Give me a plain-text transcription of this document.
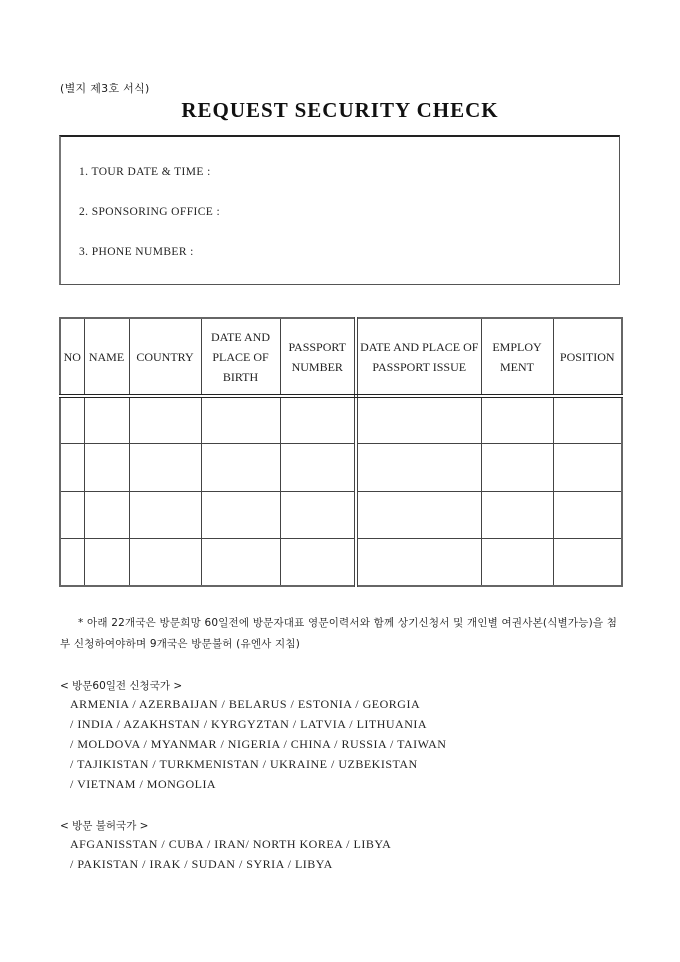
(별지 제3호 서식)
REQUEST SECURITY CHECK
1. TOUR DATE & TIME :
2. SPONSORING OFFICE :
3. PHONE NUMBER :
NO	NAME	COUNTRY	DATE AND PLACE OF BIRTH	PASSPORT NUMBER	DATE AND PLACE OF PASSPORT ISSUE	EMPLOY MENT	POSITION

* 아래 22개국은 방문희망 60일전에 방문자대표 영문이력서와 함께 상기신청서 및 개인별 여권사본(식별가능)을 첨부 신청하여야하며 9개국은 방문불허 (유엔사 지침)
< 방문60일전 신청국가 >
ARMENIA / AZERBAIJAN / BELARUS / ESTONIA / GEORGIA
/ INDIA / AZAKHSTAN / KYRGYZTAN / LATVIA / LITHUANIA
/ MOLDOVA / MYANMAR / NIGERIA / CHINA / RUSSIA / TAIWAN
/ TAJIKISTAN / TURKMENISTAN / UKRAINE / UZBEKISTAN
/ VIETNAM / MONGOLIA
< 방문 불허국가 >
AFGANISSTAN / CUBA / IRAN/ NORTH KOREA / LIBYA
/ PAKISTAN / IRAK / SUDAN / SYRIA / LIBYA
